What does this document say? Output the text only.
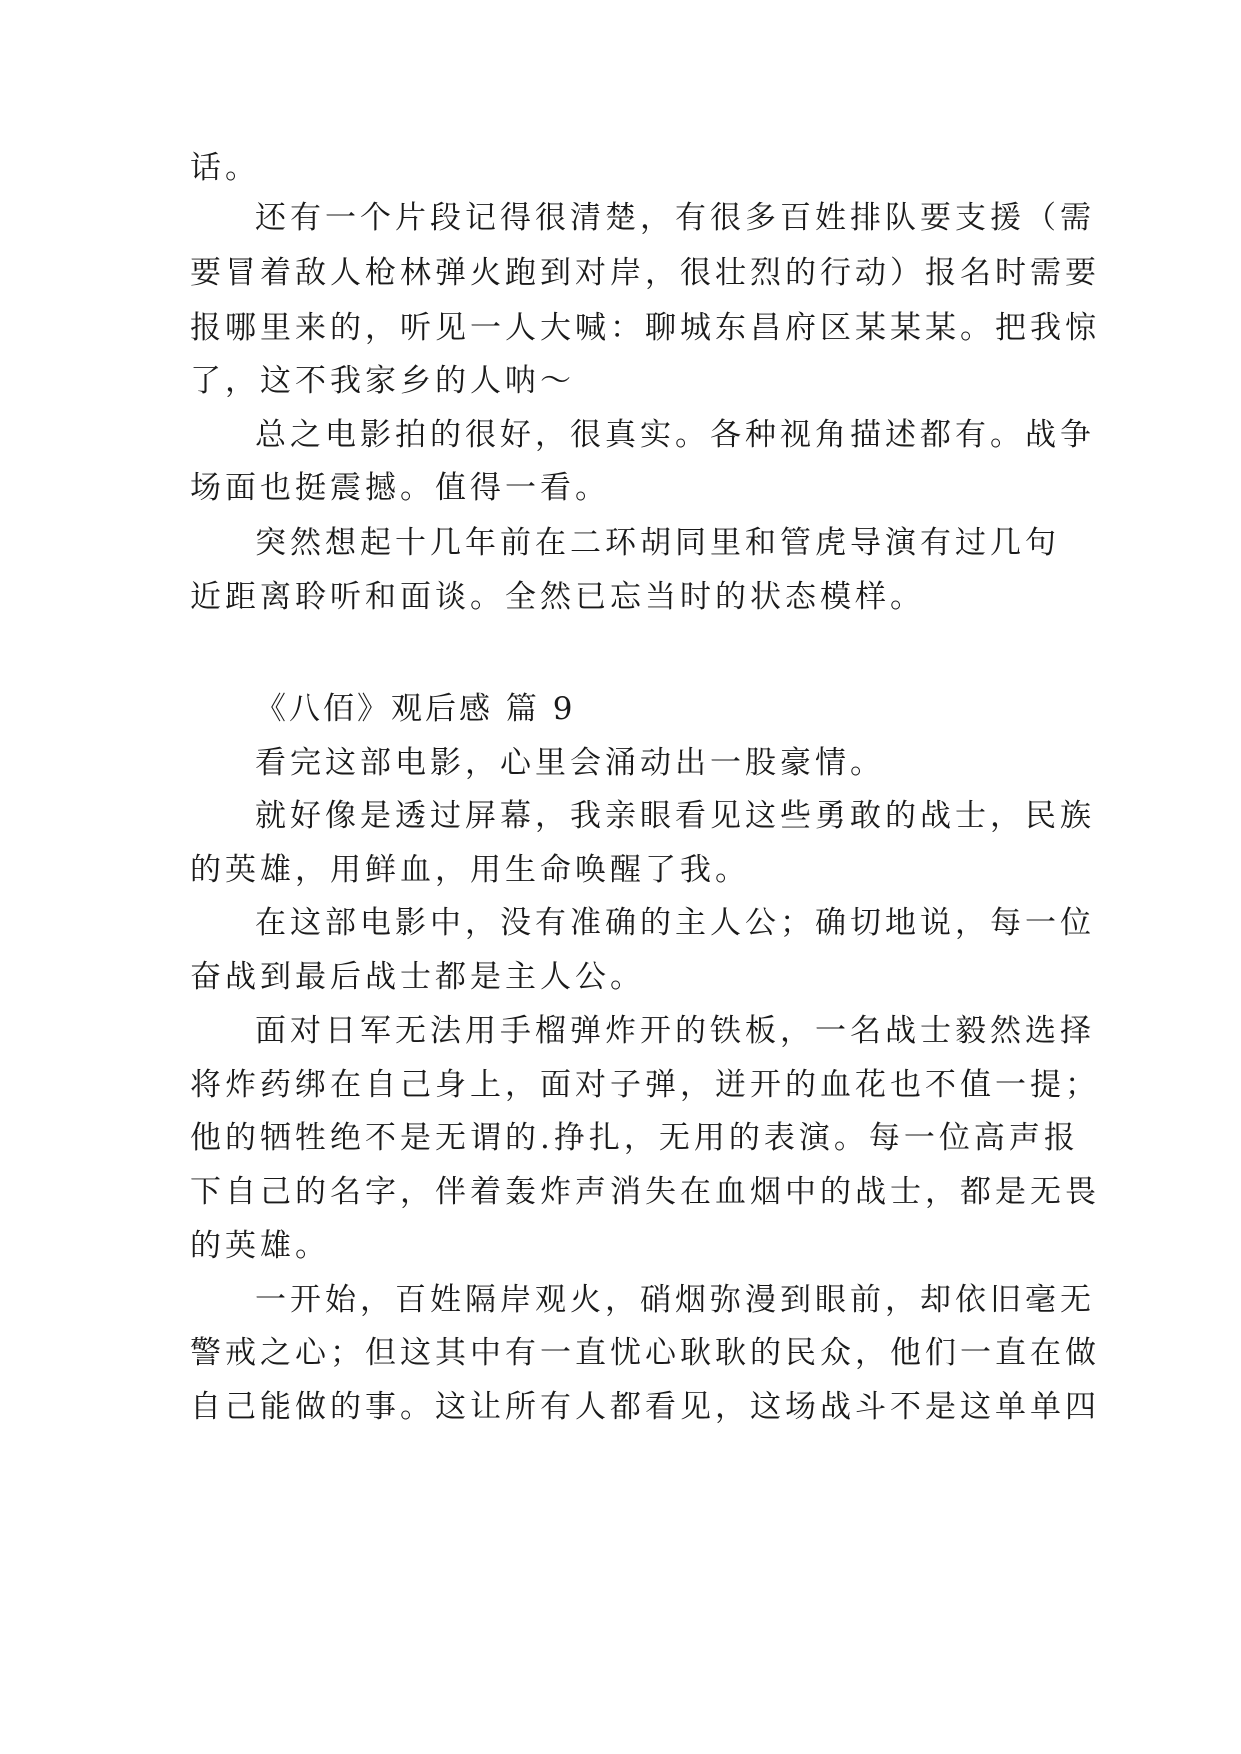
话。

还有一个片段记得很清楚，有很多百姓排队要支援（需

要冒着敌人枪林弹火跑到对岸，很壮烈的行动）报名时需要

报哪里来的，听见一人大喊：聊城东昌府区某某某。把我惊

了，这不我家乡的人呐～

总之电影拍的很好，很真实。各种视角描述都有。战争

场面也挺震撼。值得一看。

突然想起十几年前在二环胡同里和管虎导演有过几句

近距离聆听和面谈。全然已忘当时的状态模样。

《八佰》观后感 篇 9

看完这部电影，心里会涌动出一股豪情。

就好像是透过屏幕，我亲眼看见这些勇敢的战士，民族

的英雄，用鲜血，用生命唤醒了我。

在这部电影中，没有准确的主人公；确切地说，每一位

奋战到最后战士都是主人公。

面对日军无法用手榴弹炸开的铁板，一名战士毅然选择

将炸药绑在自己身上，面对子弹，迸开的血花也不值一提；

他的牺牲绝不是无谓的.挣扎，无用的表演。每一位高声报

下自己的名字，伴着轰炸声消失在血烟中的战士，都是无畏

的英雄。

一开始，百姓隔岸观火，硝烟弥漫到眼前，却依旧毫无

警戒之心；但这其中有一直忧心耿耿的民众，他们一直在做

自己能做的事。这让所有人都看见，这场战斗不是这单单四
